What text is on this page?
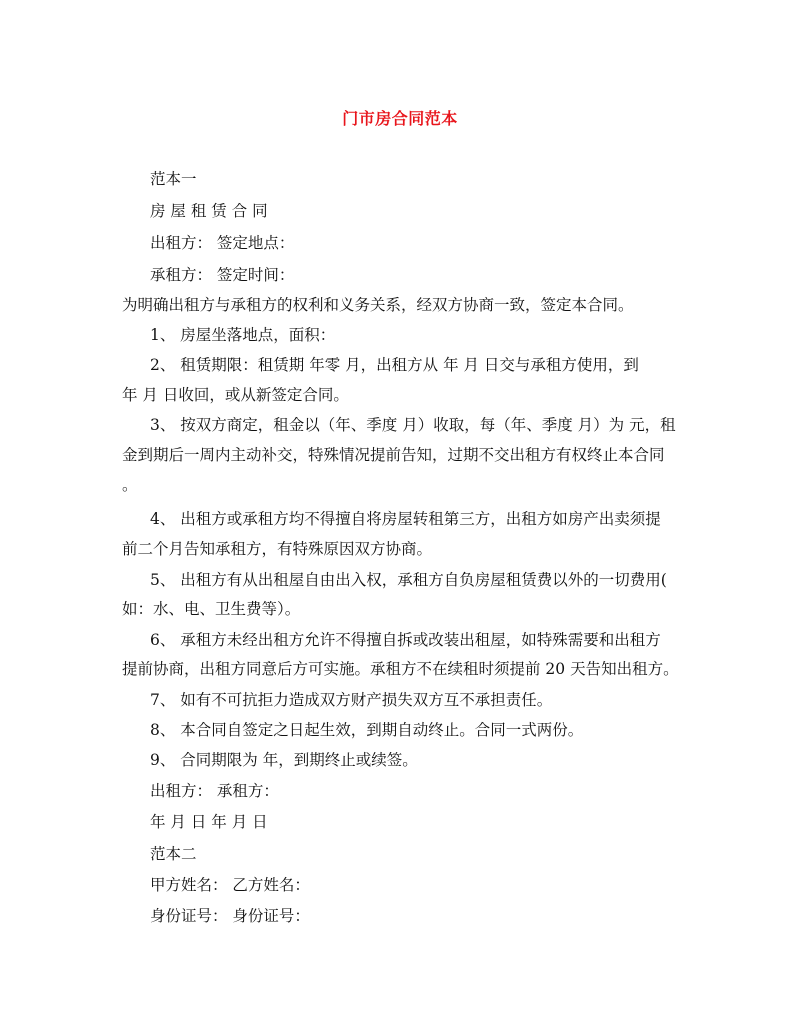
门市房合同范本
范本一
房 屋 租 赁 合 同
出租方： 签定地点：
承租方： 签定时间：
为明确出租方与承租方的权利和义务关系，经双方协商一致，签定本合同。
1、 房屋坐落地点，面积：
2、 租赁期限：租赁期 年零 月，出租方从 年 月 日交与承租方使用，到
年 月 日收回，或从新签定合同。
3、 按双方商定，租金以（年、季度 月）收取，每（年、季度 月）为 元，租
金到期后一周内主动补交，特殊情况提前告知，过期不交出租方有权终止本合同
。
4、 出租方或承租方均不得擅自将房屋转租第三方，出租方如房产出卖须提
前二个月告知承租方，有特殊原因双方协商。
5、 出租方有从出租屋自由出入权，承租方自负房屋租赁费以外的一切费用(
如：水、电、卫生费等）。
6、 承租方未经出租方允许不得擅自拆或改装出租屋，如特殊需要和出租方
提前协商，出租方同意后方可实施。承租方不在续租时须提前 20 天告知出租方。
7、 如有不可抗拒力造成双方财产损失双方互不承担责任。
8、 本合同自签定之日起生效，到期自动终止。合同一式两份。
9、 合同期限为 年，到期终止或续签。
出租方： 承租方：
年 月 日 年 月 日
范本二
甲方姓名： 乙方姓名：
身份证号： 身份证号：
